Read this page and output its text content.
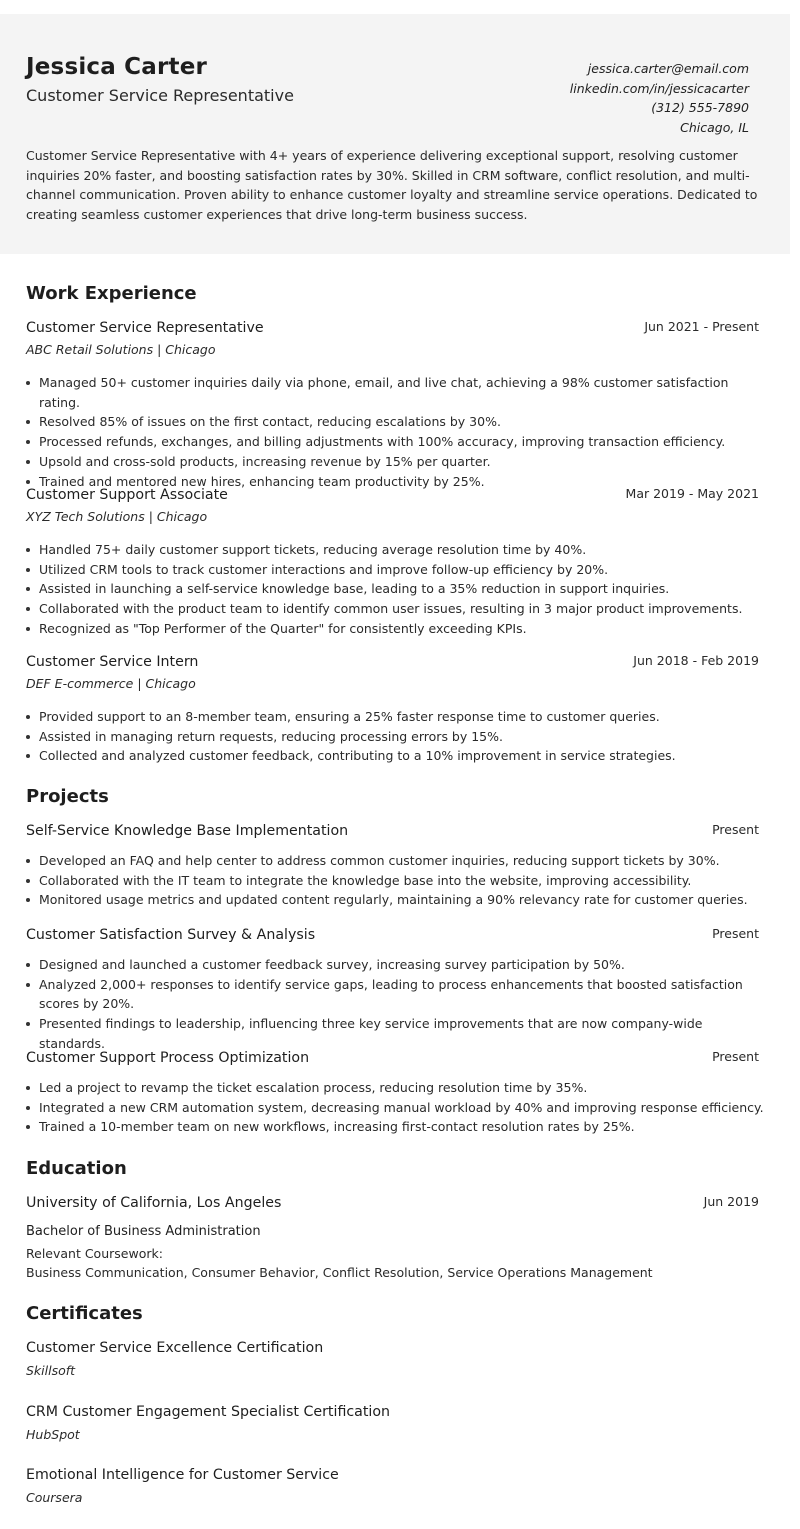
Jessica Carter
Customer Service Representative
jessica.carter@email.com
linkedin.com/in/jessicacarter
(312) 555-7890
Chicago, IL
Customer Service Representative with 4+ years of experience delivering exceptional support, resolving customer inquiries 20% faster, and boosting satisfaction rates by 30%. Skilled in CRM software, conflict resolution, and multi-channel communication. Proven ability to enhance customer loyalty and streamline service operations. Dedicated to creating seamless customer experiences that drive long-term business success.
Work Experience
Customer Service Representative	Jun 2021 - Present
ABC Retail Solutions | Chicago
Managed 50+ customer inquiries daily via phone, email, and live chat, achieving a 98% customer satisfaction rating.
Resolved 85% of issues on the first contact, reducing escalations by 30%.
Processed refunds, exchanges, and billing adjustments with 100% accuracy, improving transaction efficiency.
Upsold and cross-sold products, increasing revenue by 15% per quarter.
Trained and mentored new hires, enhancing team productivity by 25%.
Customer Support Associate	Mar 2019 - May 2021
XYZ Tech Solutions | Chicago
Handled 75+ daily customer support tickets, reducing average resolution time by 40%.
Utilized CRM tools to track customer interactions and improve follow-up efficiency by 20%.
Assisted in launching a self-service knowledge base, leading to a 35% reduction in support inquiries.
Collaborated with the product team to identify common user issues, resulting in 3 major product improvements.
Recognized as "Top Performer of the Quarter" for consistently exceeding KPIs.
Customer Service Intern	Jun 2018 - Feb 2019
DEF E-commerce | Chicago
Provided support to an 8-member team, ensuring a 25% faster response time to customer queries.
Assisted in managing return requests, reducing processing errors by 15%.
Collected and analyzed customer feedback, contributing to a 10% improvement in service strategies.
Projects
Self-Service Knowledge Base Implementation	Present
Developed an FAQ and help center to address common customer inquiries, reducing support tickets by 30%.
Collaborated with the IT team to integrate the knowledge base into the website, improving accessibility.
Monitored usage metrics and updated content regularly, maintaining a 90% relevancy rate for customer queries.
Customer Satisfaction Survey & Analysis	Present
Designed and launched a customer feedback survey, increasing survey participation by 50%.
Analyzed 2,000+ responses to identify service gaps, leading to process enhancements that boosted satisfaction scores by 20%.
Presented findings to leadership, influencing three key service improvements that are now company-wide standards.
Customer Support Process Optimization	Present
Led a project to revamp the ticket escalation process, reducing resolution time by 35%.
Integrated a new CRM automation system, decreasing manual workload by 40% and improving response efficiency.
Trained a 10-member team on new workflows, increasing first-contact resolution rates by 25%.
Education
University of California, Los Angeles	Jun 2019
Bachelor of Business Administration
Relevant Coursework:
Business Communication, Consumer Behavior, Conflict Resolution, Service Operations Management
Certificates
Customer Service Excellence Certification
Skillsoft
CRM Customer Engagement Specialist Certification
HubSpot
Emotional Intelligence for Customer Service
Coursera
